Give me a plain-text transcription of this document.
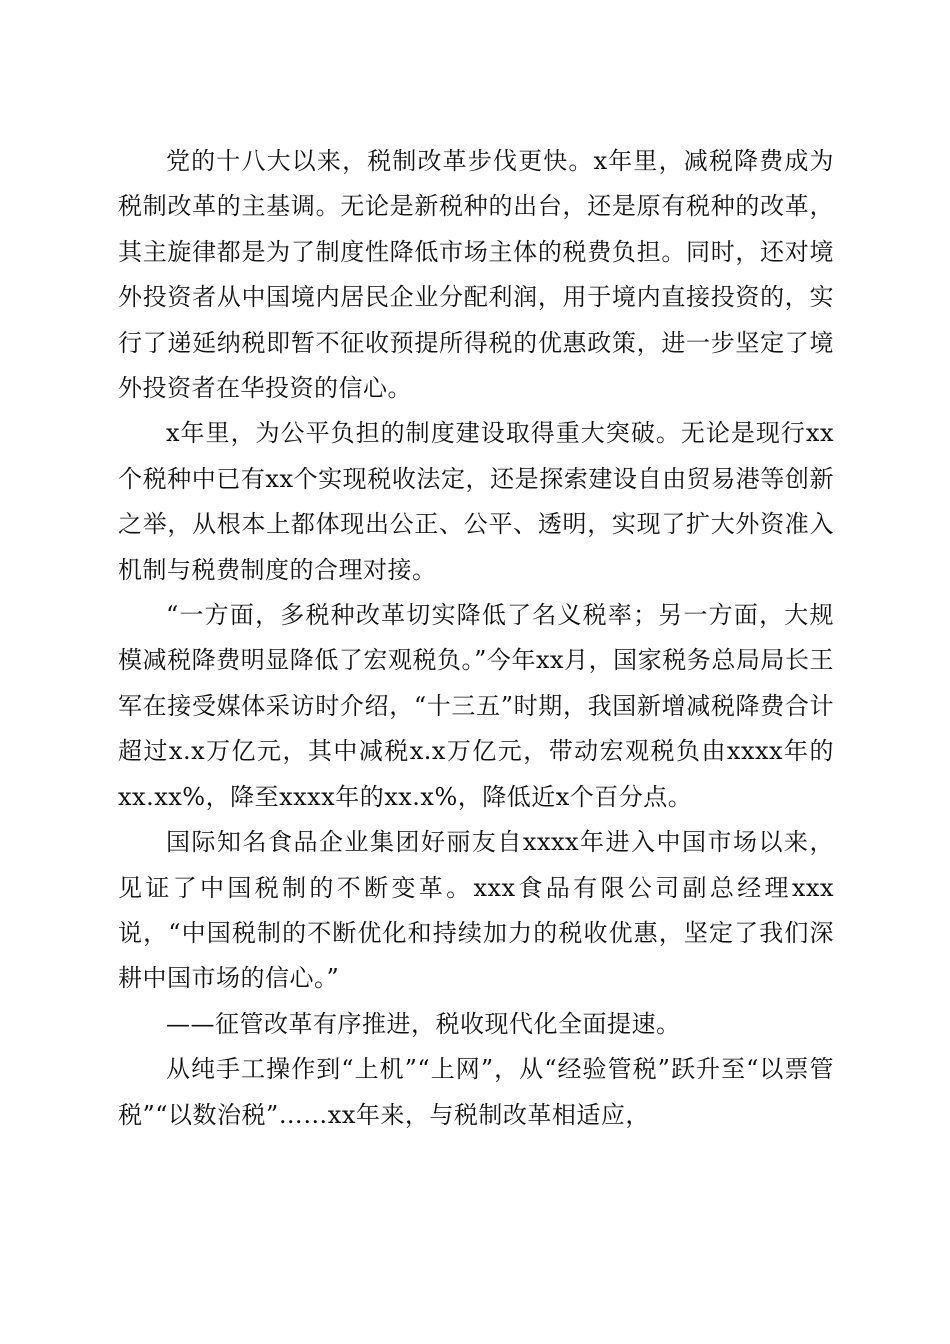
党的十八大以来，税制改革步伐更快。x年里，减税降费成为税制改革的主基调。无论是新税种的出台，还是原有税种的改革，其主旋律都是为了制度性降低市场主体的税费负担。同时，还对境外投资者从中国境内居民企业分配利润，用于境内直接投资的，实行了递延纳税即暂不征收预提所得税的优惠政策，进一步坚定了境外投资者在华投资的信心。

x年里，为公平负担的制度建设取得重大突破。无论是现行xx个税种中已有xx个实现税收法定，还是探索建设自由贸易港等创新之举，从根本上都体现出公正、公平、透明，实现了扩大外资准入机制与税费制度的合理对接。

“一方面，多税种改革切实降低了名义税率；另一方面，大规模减税降费明显降低了宏观税负。”今年xx月，国家税务总局局长王军在接受媒体采访时介绍，“十三五”时期，我国新增减税降费合计超过x.x万亿元，其中减税x.x万亿元，带动宏观税负由xxxx年的xx.xx%，降至xxxx年的xx.x%，降低近x个百分点。

国际知名食品企业集团好丽友自xxxx年进入中国市场以来，见证了中国税制的不断变革。xxx食品有限公司副总经理xxx说，“中国税制的不断优化和持续加力的税收优惠，坚定了我们深耕中国市场的信心。”

——征管改革有序推进，税收现代化全面提速。

从纯手工操作到“上机”“上网”，从“经验管税”跃升至“以票管税”“以数治税”……xx年来，与税制改革相适应，
